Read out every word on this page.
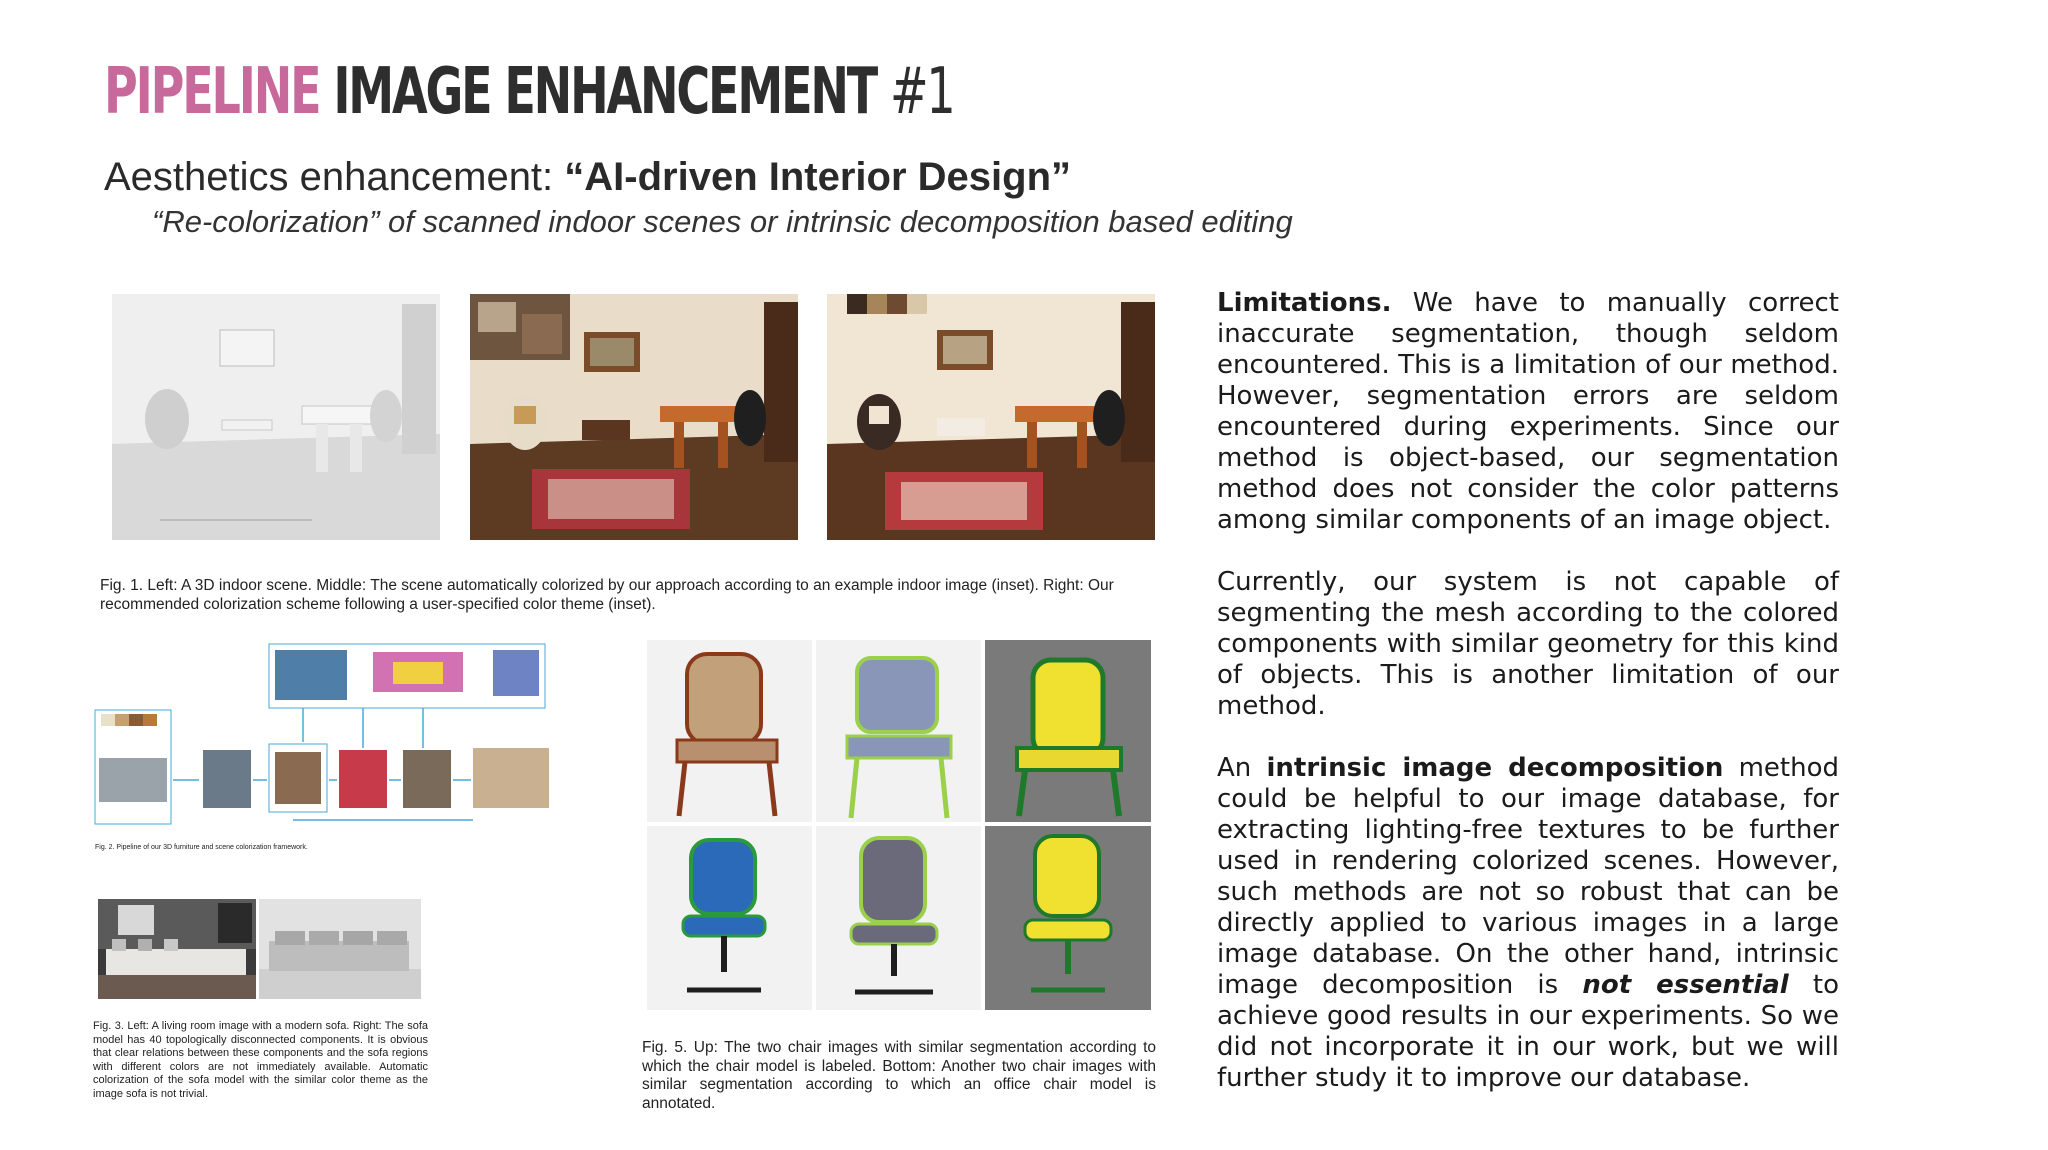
PIPELINE IMAGE ENHANCEMENT #1
Aesthetics enhancement: “AI-driven Interior Design”
“Re-colorization” of scanned indoor scenes or intrinsic decomposition based editing
Fig. 1. Left: A 3D indoor scene. Middle: The scene automatically colorized by our approach according to an example indoor image (inset). Right: Our recommended colorization scheme following a user-specified color theme (inset).
Fig. 2. Pipeline of our 3D furniture and scene colorization framework.
Fig. 3. Left: A living room image with a modern sofa. Right: The sofa model has 40 topologically disconnected components. It is obvious that clear relations between these components and the sofa regions with different colors are not immediately available. Automatic colorization of the sofa model with the similar color theme as the image sofa is not trivial.
Fig. 5. Up: The two chair images with similar segmentation according to which the chair model is labeled. Bottom: Another two chair images with similar segmentation according to which an office chair model is annotated.

Limitations. We have to manually correct inaccurate segmentation, though seldom encountered. This is a limitation of our method. However, segmentation errors are seldom encountered during experiments. Since our method is object-based, our segmentation method does not consider the color patterns among similar components of an image object.

Currently, our system is not capable of segmenting the mesh according to the colored components with similar geometry for this kind of objects. This is another limitation of our method.

An intrinsic image decomposition method could be helpful to our image database, for extracting lighting-free textures to be further used in rendering colorized scenes. However, such methods are not so robust that can be directly applied to various images in a large image database. On the other hand, intrinsic image decomposition is not essential to achieve good results in our experiments. So we did not incorporate it in our work, but we will further study it to improve our database.
